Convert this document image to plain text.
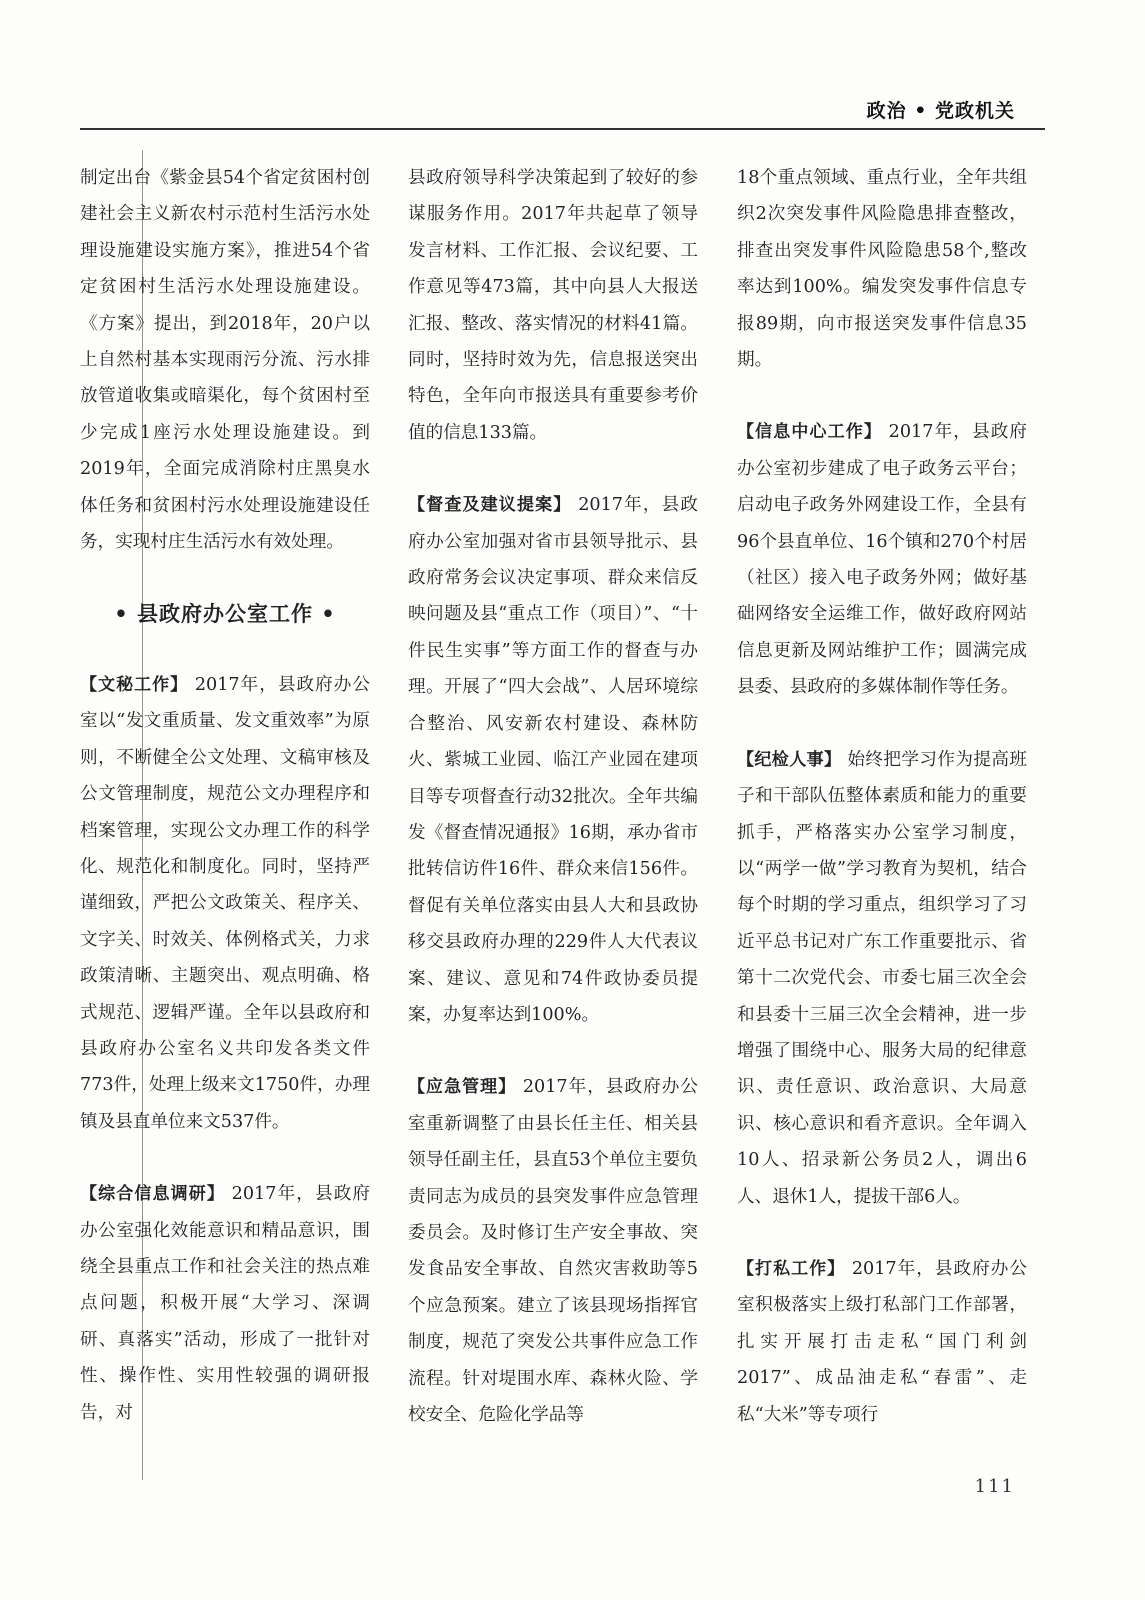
政治 • 党政机关

制定出台《紫金县54个省定贫困村创建社会主义新农村示范村生活污水处理设施建设实施方案》，推进54个省定贫困村生活污水处理设施建设。《方案》提出，到2018年，20户以上自然村基本实现雨污分流、污水排放管道收集或暗渠化，每个贫困村至少完成1座污水处理设施建设。到2019年，全面完成消除村庄黑臭水体任务和贫困村污水处理设施建设任务，实现村庄生活污水有效处理。

• 县政府办公室工作 •

【文秘工作】 2017年，县政府办公室以“发文重质量、发文重效率”为原则，不断健全公文处理、文稿审核及公文管理制度，规范公文办理程序和档案管理，实现公文办理工作的科学化、规范化和制度化。同时，坚持严谨细致，严把公文政策关、程序关、文字关、时效关、体例格式关，力求政策清晰、主题突出、观点明确、格式规范、逻辑严谨。全年以县政府和县政府办公室名义共印发各类文件773件，处理上级来文1750件，办理镇及县直单位来文537件。

【综合信息调研】 2017年，县政府办公室强化效能意识和精品意识，围绕全县重点工作和社会关注的热点难点问题，积极开展“大学习、深调研、真落实”活动，形成了一批针对性、操作性、实用性较强的调研报告，对

县政府领导科学决策起到了较好的参谋服务作用。2017年共起草了领导发言材料、工作汇报、会议纪要、工作意见等473篇，其中向县人大报送汇报、整改、落实情况的材料41篇。同时，坚持时效为先，信息报送突出特色，全年向市报送具有重要参考价值的信息133篇。

【督查及建议提案】 2017年，县政府办公室加强对省市县领导批示、县政府常务会议决定事项、群众来信反映问题及县“重点工作（项目）”、“十件民生实事”等方面工作的督查与办理。开展了“四大会战”、人居环境综合整治、风安新农村建设、森林防火、紫城工业园、临江产业园在建项目等专项督查行动32批次。全年共编发《督查情况通报》16期，承办省市批转信访件16件、群众来信156件。督促有关单位落实由县人大和县政协移交县政府办理的229件人大代表议案、建议、意见和74件政协委员提案，办复率达到100%。

【应急管理】 2017年，县政府办公室重新调整了由县长任主任、相关县领导任副主任，县直53个单位主要负责同志为成员的县突发事件应急管理委员会。及时修订生产安全事故、突发食品安全事故、自然灾害救助等5个应急预案。建立了该县现场指挥官制度，规范了突发公共事件应急工作流程。针对堤围水库、森林火险、学校安全、危险化学品等

18个重点领域、重点行业，全年共组织2次突发事件风险隐患排查整改，排查出突发事件风险隐患58个,整改率达到100%。编发突发事件信息专报89期，向市报送突发事件信息35期。

【信息中心工作】 2017年，县政府办公室初步建成了电子政务云平台；启动电子政务外网建设工作，全县有96个县直单位、16个镇和270个村居（社区）接入电子政务外网；做好基础网络安全运维工作，做好政府网站信息更新及网站维护工作；圆满完成县委、县政府的多媒体制作等任务。

【纪检人事】 始终把学习作为提高班子和干部队伍整体素质和能力的重要抓手，严格落实办公室学习制度，以“两学一做”学习教育为契机，结合每个时期的学习重点，组织学习了习近平总书记对广东工作重要批示、省第十二次党代会、市委七届三次全会和县委十三届三次全会精神，进一步增强了围绕中心、服务大局的纪律意识、责任意识、政治意识、大局意识、核心意识和看齐意识。全年调入10人、招录新公务员2人，调出6人、退休1人，提拔干部6人。

【打私工作】 2017年，县政府办公室积极落实上级打私部门工作部署，扎实开展打击走私“国门利剑2017”、成品油走私“春雷”、走私“大米”等专项行

111
